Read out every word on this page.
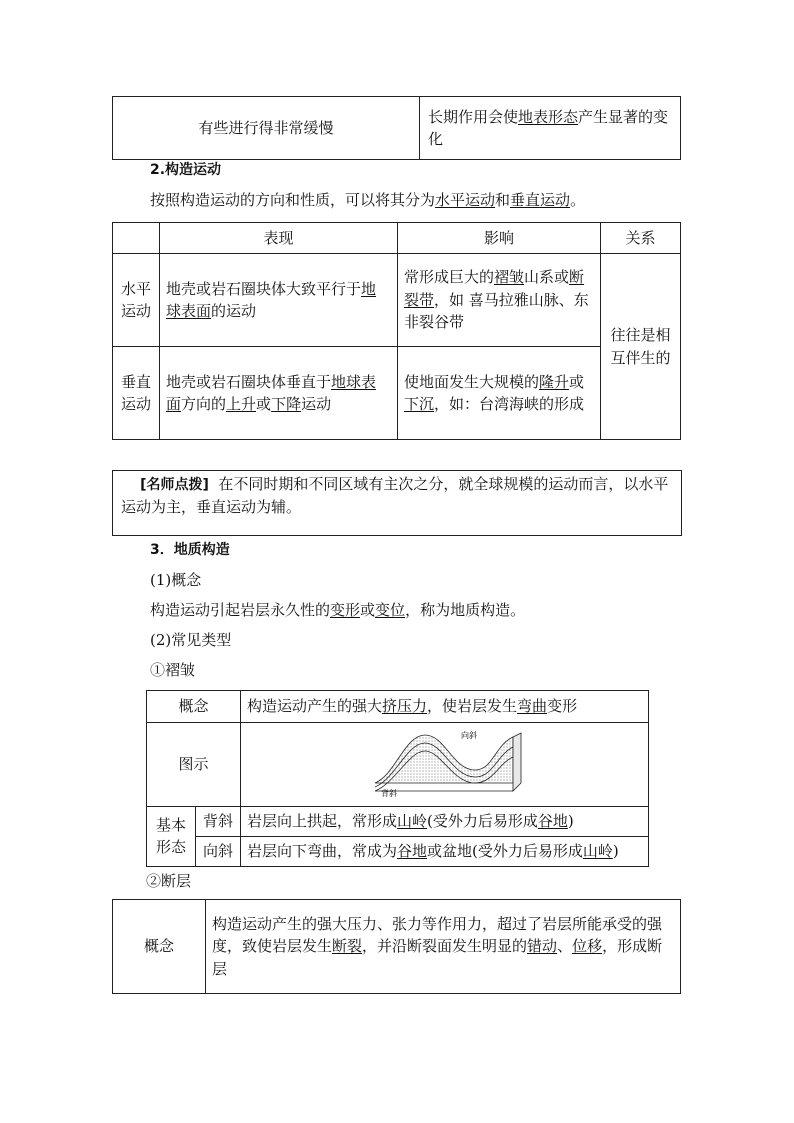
有些进行得非常缓慢	长期作用会使地表形态产生显著的变化
2.构造运动
按照构造运动的方向和性质，可以将其分为水平运动和垂直运动。
	表现	影响	关系
水平运动	地壳或岩石圈块体大致平行于地球表面的运动	常形成巨大的褶皱山系或断裂带，如 喜马拉雅山脉、东非裂谷带	往往是相互伴生的
垂直运动	地壳或岩石圈块体垂直于地球表面方向的上升或下降运动	使地面发生大规模的隆升或下沉，如：台湾海峡的形成	
[名师点拨] 在不同时期和不同区域有主次之分，就全球规模的运动而言，以水平运动为主，垂直运动为辅。
3．地质构造
(1)概念
构造运动引起岩层永久性的变形或变位，称为地质构造。
(2)常见类型
①褶皱
概念		构造运动产生的强大挤压力，使岩层发生弯曲变形
图示		向斜
背斜

基本形态	背斜	岩层向上拱起，常形成山岭(受外力后易形成谷地)
	向斜	岩层向下弯曲，常成为谷地或盆地(受外力后易形成山岭)
②断层
概念	构造运动产生的强大压力、张力等作用力，超过了岩层所能承受的强度，致使岩层发生断裂，并沿断裂面发生明显的错动、位移，形成断层
